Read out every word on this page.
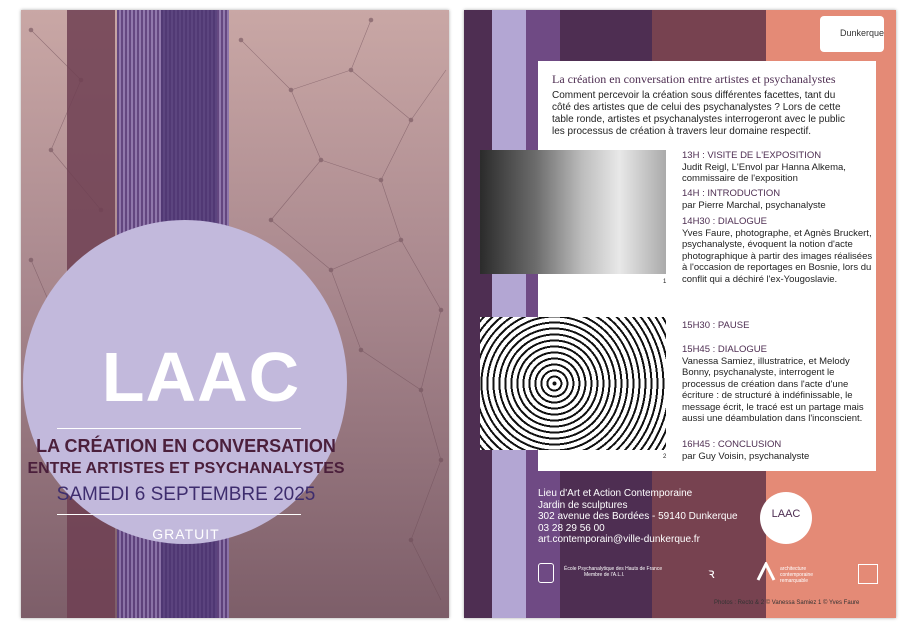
LAAC
LA CRÉATION EN CONVERSATION
ENTRE ARTISTES ET PSYCHANALYSTES
SAMEDI 6 SEPTEMBRE 2025
GRATUIT
Dunkerque
La création en conversation entre artistes et psychanalystes
Comment percevoir la création sous différentes facettes, tant du côté des artistes que de celui des psychanalystes ? Lors de cette table ronde, artistes et psychanalystes interrogeront avec le public les processus de création à travers leur domaine respectif.
1
2
13H : VISITE DE L'EXPOSITION
Judit Reigl, L'Envol par Hanna Alkema, commissaire de l'exposition
14H : INTRODUCTION
par Pierre Marchal, psychanalyste
14H30 : DIALOGUE
Yves Faure, photographe, et Agnès Bruckert, psychanalyste, évoquent la notion d'acte photographique à partir des images réalisées à l'occasion de reportages en Bosnie, lors du conflit qui a déchiré l'ex-Yougoslavie.
15H30 : PAUSE
15H45 : DIALOGUE
Vanessa Samiez, illustratrice, et Melody Bonny, psychanalyste, interrogent le processus de création dans l'acte d'une écriture : de structuré à indéfinissable, le message écrit, le tracé est un partage mais aussi une déambulation dans l'inconscient.
16H45 : CONCLUSION
par Guy Voisin, psychanalyste
Lieu d'Art et Action Contemporaine
Jardin de sculptures
302 avenue des Bordées - 59140 Dunkerque
03 28 29 56 00
art.contemporain@ville-dunkerque.fr
LAAC
École Psychanalytique des Hauts de France
Membre de l'A.L.I.	ꝛ	architecture
contemporaine
remarquable
Photos : Recto & 2 © Vanessa Samiez 1 © Yves Faure
